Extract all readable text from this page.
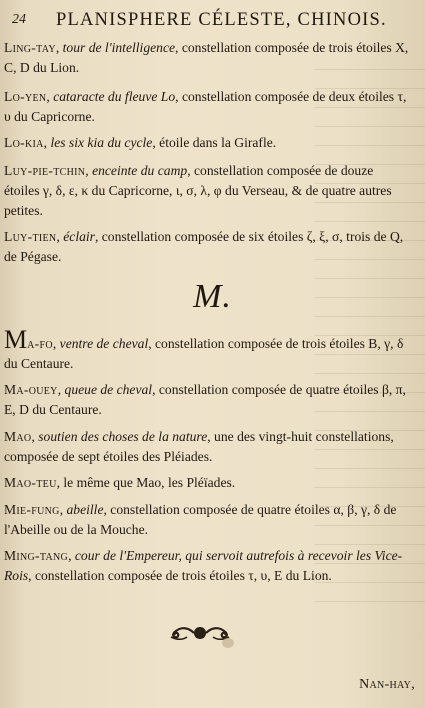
24 PLANISPHERE CÉLESTE, CHINOIS.
Ling-tay, tour de l'intelligence, constellation composée de trois étoiles X, C, D du Lion.
Lo-yen, cataracte du fleuve Lo, constellation composée de deux étoiles τ, υ du Capricorne.
Lo-kia, les six kia du cycle, étoile dans la Girafle.
Luy-pie-tchin, enceinte du camp, constellation composée de douze étoiles γ, δ, ε, κ du Capricorne, ι, σ, λ, φ du Verseau, & de quatre autres petites.
Luy-tien, éclair, constellation composée de six étoiles ζ, ξ, σ, trois de Q, de Pégase.
M.
Ma-fo, ventre de cheval, constellation composée de trois étoiles B, γ, δ du Centaure.
Ma-ouey, queue de cheval, constellation composée de quatre étoiles β, π, E, D du Centaure.
Mao, soutien des choses de la nature, une des vingt-huit constellations, composée de sept étoiles des Pléiades.
Mao-teu, le même que Mao, les Pléïades.
Mie-fung, abeille, constellation composée de quatre étoiles α, β, γ, δ de l'Abeille ou de la Mouche.
Ming-tang, cour de l'Empereur, qui servoit autrefois à recevoir les Vice-Rois, constellation composée de trois étoiles τ, υ, E du Lion.
Nan-hay,
